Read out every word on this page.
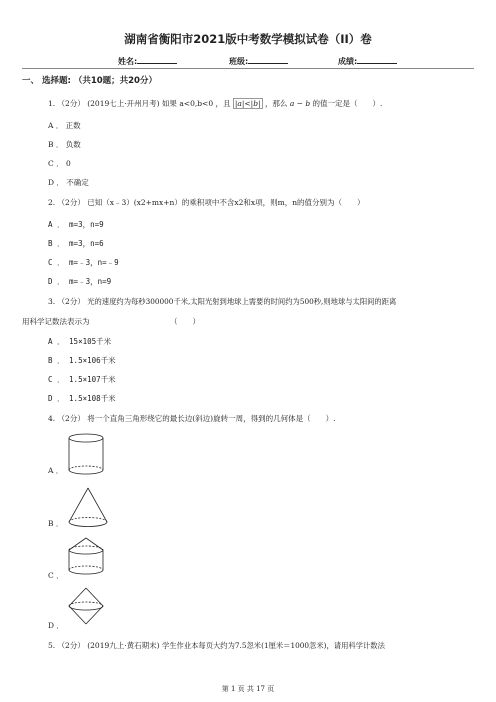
湖南省衡阳市2021版中考数学模拟试卷（II）卷
姓名:	班级:	成绩:
一、 选择题: （共10题；共20分）
1. （2分） (2019七上·开州月考) 如果 a<0,b<0 ，且 |a|<|b| ，那么 a − b 的值一定是（　　）.
A ． 正数
B ． 负数
C ． 0
D ． 不确定
2. （2分） 已知（x﹣3）(x2+mx+n）的乘积项中不含x2和x项，则m，n的值分别为（　　）
A ． m=3，n=9
B ． m=3，n=6
C ． m=﹣3，n=﹣9
D ． m=﹣3，n=9
3. （2分） 光的速度约为每秒300000千米,太阳光射到地球上需要的时间约为500秒,则地球与太阳间的距离
用科学记数法表示为	（　　）
A ． 15×105千米
B ． 1.5×106千米
C ． 1.5×107千米
D ． 1.5×108千米
4. （2分） 将一个直角三角形绕它的最长边(斜边)旋转一周，得到的几何体是（　　）.
A ．
B ．
C ．
D ．
5. （2分） (2019九上·黄石期末) 学生作业本每页大约为7.5忽米(1厘米＝1000忽米)，请用科学计数法
第 1 页 共 17 页
